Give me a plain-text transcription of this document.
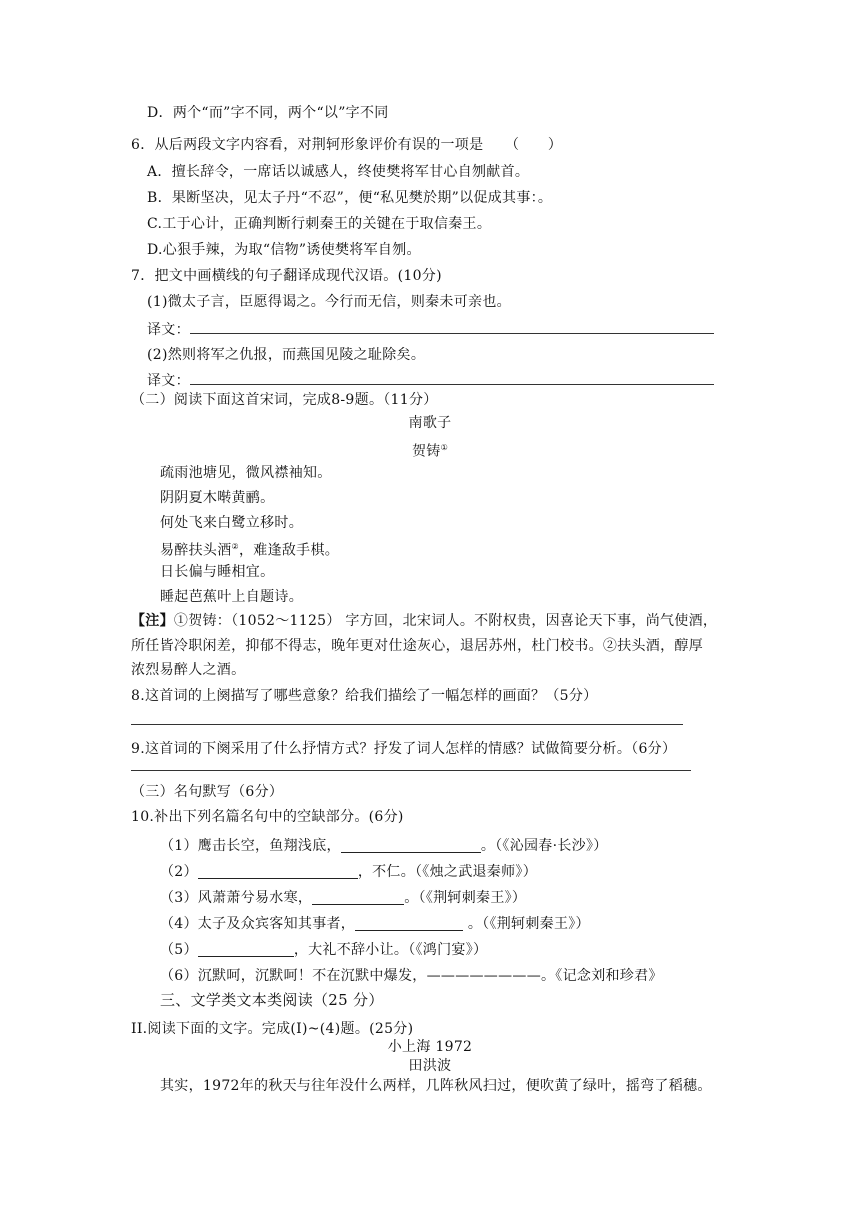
D．两个“而”字不同，两个“以”字不同
6．从后两段文字内容看，对荆轲形象评价有误的一项是　　（　　）
A．擅长辞令，一席话以诚感人，终使樊将军甘心自刎献首。
B．果断坚决，见太子丹“不忍”，便“私见樊於期”以促成其事：。
C.工于心计，正确判断行刺秦王的关键在于取信秦王。
D.心狠手辣，为取“信物”诱使樊将军自刎。
7．把文中画横线的句子翻译成现代汉语。(10分)
(1)微太子言，臣愿得谒之。今行而无信，则秦未可亲也。
译文：
(2)然则将军之仇报，而燕国见陵之耻除矣。
译文：
（二）阅读下面这首宋词，完成8-9题。（11分）
南歌子
贺铸①
疏雨池塘见，微风襟袖知。
阴阴夏木啭黄鹂。
何处飞来白鹭立移时。
易醉扶头酒②，难逢敌手棋。
日长偏与睡相宜。
睡起芭蕉叶上自题诗。
【注】①贺铸：（1052～1125） 字方回，北宋词人。不附权贵，因喜论天下事，尚气使酒，
所任皆冷职闲差，抑郁不得志，晚年更对仕途灰心，退居苏州，杜门校书。②扶头酒，醇厚
浓烈易醉人之酒。
8.这首词的上阕描写了哪些意象？给我们描绘了一幅怎样的画面？（5分）
9.这首词的下阕采用了什么抒情方式？抒发了词人怎样的情感？试做简要分析。（6分）
（三）名句默写（6分）
10.补出下列名篇名句中的空缺部分。(6分)
（1）鹰击长空，鱼翔浅底，	。（《沁园春·长沙》）
（2）	，不仁。（《烛之武退秦师》）
（3）风萧萧兮易水寒，	。（《荆轲刺秦王》）
（4）太子及众宾客知其事者，	。（《荆轲刺秦王》）
（5）	，大礼不辞小让。（《鸿门宴》）
（6）沉默呵，沉默呵！不在沉默中爆发，————————。《记念刘和珍君》
三、文学类文本类阅读（25 分）
II.阅读下面的文字。完成(I)~(4)题。(25分)
小上海 1972
田洪波
其实，1972年的秋天与往年没什么两样，几阵秋风扫过，便吹黄了绿叶，摇弯了稻穗。
